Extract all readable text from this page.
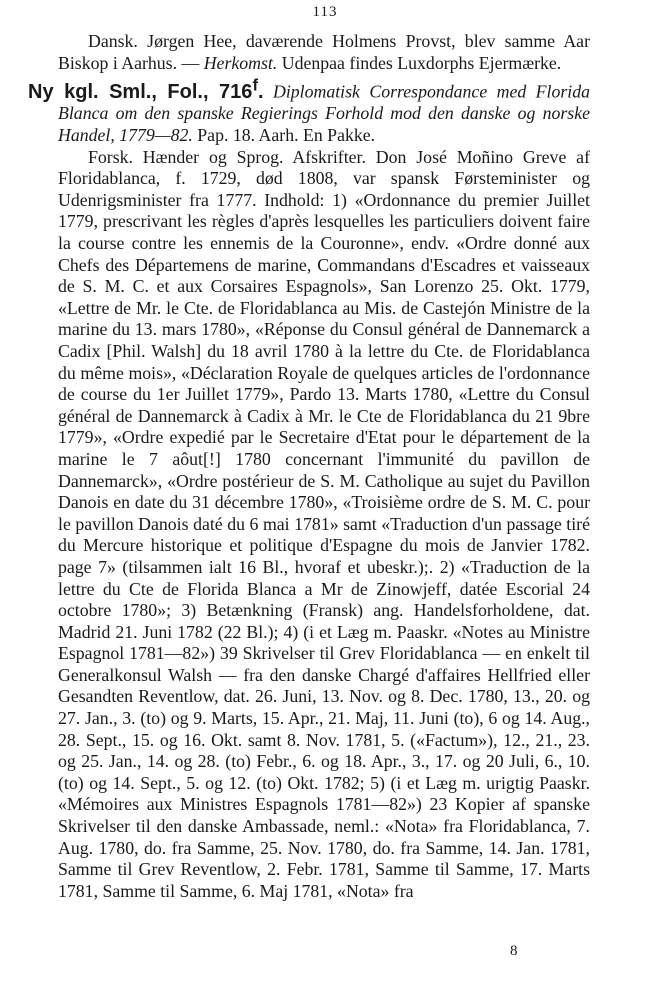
113

Dansk. Jørgen Hee, daværende Holmens Provst, blev samme Aar Biskop i Aarhus. — Herkomst. Udenpaa findes Luxdorphs Ejermærke.

Ny kgl. Sml., Fol., 716$^f$. Diplomatisk Correspondance med Florida Blanca om den spanske Regierings Forhold mod den danske og norske Handel, 1779—82. Pap. 18. Aarh. En Pakke.

Forsk. Hænder og Sprog. Afskrifter. Don José Moñino Greve af Floridablanca, f. 1729, død 1808, var spansk Førsteminister og Udenrigsminister fra 1777. Indhold: 1) «Ordonnance du premier Juillet 1779, prescrivant les règles d'après lesquelles les particuliers doivent faire la course contre les ennemis de la Couronne», endv. «Ordre donné aux Chefs des Départemens de marine, Commandans d'Escadres et vaisseaux de S. M. C. et aux Corsaires Espagnols», San Lorenzo 25. Okt. 1779, «Lettre de Mr. le Cte. de Floridablanca au Mis. de Castejón Ministre de la marine du 13. mars 1780», «Réponse du Consul général de Dannemarck a Cadix [Phil. Walsh] du 18 avril 1780 à la lettre du Cte. de Floridablanca du même mois», «Déclaration Royale de quelques articles de l'ordonnance de course du 1er Juillet 1779», Pardo 13. Marts 1780, «Lettre du Consul général de Dannemarck à Cadix à Mr. le Cte de Floridablanca du 21 9bre 1779», «Ordre expedié par le Secretaire d'Etat pour le département de la marine le 7 aôut[!] 1780 concernant l'immunité du pavillon de Dannemarck», «Ordre postérieur de S. M. Catholique au sujet du Pavillon Danois en date du 31 décembre 1780», «Troisième ordre de S. M. C. pour le pavillon Danois daté du 6 mai 1781» samt «Traduction d'un passage tiré du Mercure historique et politique d'Espagne du mois de Janvier 1782. page 7» (tilsammen ialt 16 Bl., hvoraf et ubeskr.);. 2) «Traduction de la lettre du Cte de Florida Blanca a Mr de Zinowjeff, datée Escorial 24 octobre 1780»; 3) Betænkning (Fransk) ang. Handelsforholdene, dat. Madrid 21. Juni 1782 (22 Bl.); 4) (i et Læg m. Paaskr. «Notes au Ministre Espagnol 1781—82») 39 Skrivelser til Grev Floridablanca — en enkelt til Generalkonsul Walsh — fra den danske Chargé d'affaires Hellfried eller Gesandten Reventlow, dat. 26. Juni, 13. Nov. og 8. Dec. 1780, 13., 20. og 27. Jan., 3. (to) og 9. Marts, 15. Apr., 21. Maj, 11. Juni (to), 6 og 14. Aug., 28. Sept., 15. og 16. Okt. samt 8. Nov. 1781, 5. («Factum»), 12., 21., 23. og 25. Jan., 14. og 28. (to) Febr., 6. og 18. Apr., 3., 17. og 20 Juli, 6., 10. (to) og 14. Sept., 5. og 12. (to) Okt. 1782; 5) (i et Læg m. urigtig Paaskr. «Mémoires aux Ministres Espagnols 1781—82») 23 Kopier af spanske Skrivelser til den danske Ambassade, neml.: «Nota» fra Floridablanca, 7. Aug. 1780, do. fra Samme, 25. Nov. 1780, do. fra Samme, 14. Jan. 1781, Samme til Grev Reventlow, 2. Febr. 1781, Samme til Samme, 17. Marts 1781, Samme til Samme, 6. Maj 1781, «Nota» fra

8
